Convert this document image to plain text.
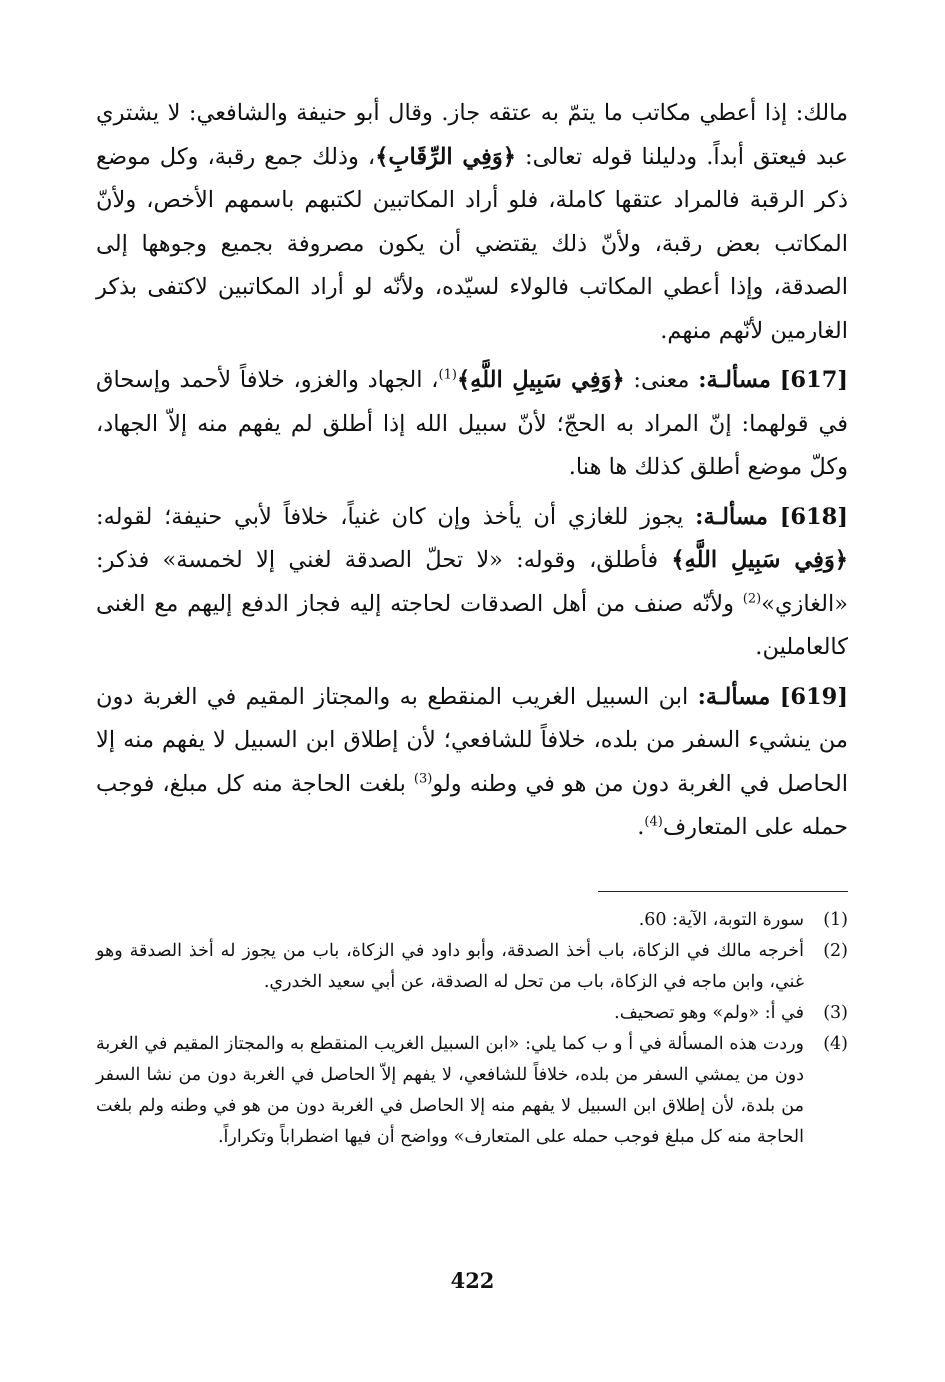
مالك: إذا أعطي مكاتب ما يتمّ به عتقه جاز. وقال أبو حنيفة والشافعي: لا يشتري عبد فيعتق أبداً. ودليلنا قوله تعالى: ﴿وَفِي الرِّقَابِ﴾، وذلك جمع رقبة، وكل موضع ذكر الرقبة فالمراد عتقها كاملة، فلو أراد المكاتبين لكتبهم باسمهم الأخص، ولأنّ المكاتب بعض رقبة، ولأنّ ذلك يقتضي أن يكون مصروفة بجميع وجوهها إلى الصدقة، وإذا أعطي المكاتب فالولاء لسيّده، ولأنّه لو أراد المكاتبين لاكتفى بذكر الغارمين لأنّهم منهم.

[617] مسألـة: معنى: ﴿وَفِي سَبِيلِ اللَّهِ﴾$^{(1)}$، الجهاد والغزو، خلافاً لأحمد وإسحاق في قولهما: إنّ المراد به الحجّ؛ لأنّ سبيل الله إذا أطلق لم يفهم منه إلاّ الجهاد، وكلّ موضع أطلق كذلك ها هنا.

[618] مسألـة: يجوز للغازي أن يأخذ وإن كان غنياً، خلافاً لأبي حنيفة؛ لقوله: ﴿وَفِي سَبِيلِ اللَّهِ﴾ فأطلق، وقوله: «لا تحلّ الصدقة لغني إلا لخمسة» فذكر: «الغازي»$^{(2)}$ ولأنّه صنف من أهل الصدقات لحاجته إليه فجاز الدفع إليهم مع الغنى كالعاملين.

[619] مسألـة: ابن السبيل الغريب المنقطع به والمجتاز المقيم في الغربة دون من ينشيء السفر من بلده، خلافاً للشافعي؛ لأن إطلاق ابن السبيل لا يفهم منه إلا الحاصل في الغربة دون من هو في وطنه ولو$^{(3)}$ بلغت الحاجة منه كل مبلغ، فوجب حمله على المتعارف$^{(4)}$.

(1)
سورة التوبة، الآية: 60.
(2)
أخرجه مالك في الزكاة، باب أخذ الصدقة، وأبو داود في الزكاة، باب من يجوز له أخذ الصدقة وهو غني، وابن ماجه في الزكاة، باب من تحل له الصدقة، عن أبي سعيد الخدري.
(3)
في أ: «ولم» وهو تصحيف.
(4)
وردت هذه المسألة في أ و ب كما يلي: «ابن السبيل الغريب المنقطع به والمجتاز المقيم في الغربة دون من يمشي السفر من بلده، خلافاً للشافعي، لا يفهم إلاّ الحاصل في الغربة دون من نشا السفر من بلدة، لأن إطلاق ابن السبيل لا يفهم منه إلا الحاصل في الغربة دون من هو في وطنه ولم بلغت الحاجة منه كل مبلغ فوجب حمله على المتعارف» وواضح أن فيها اضطراباً وتكراراً.
422
